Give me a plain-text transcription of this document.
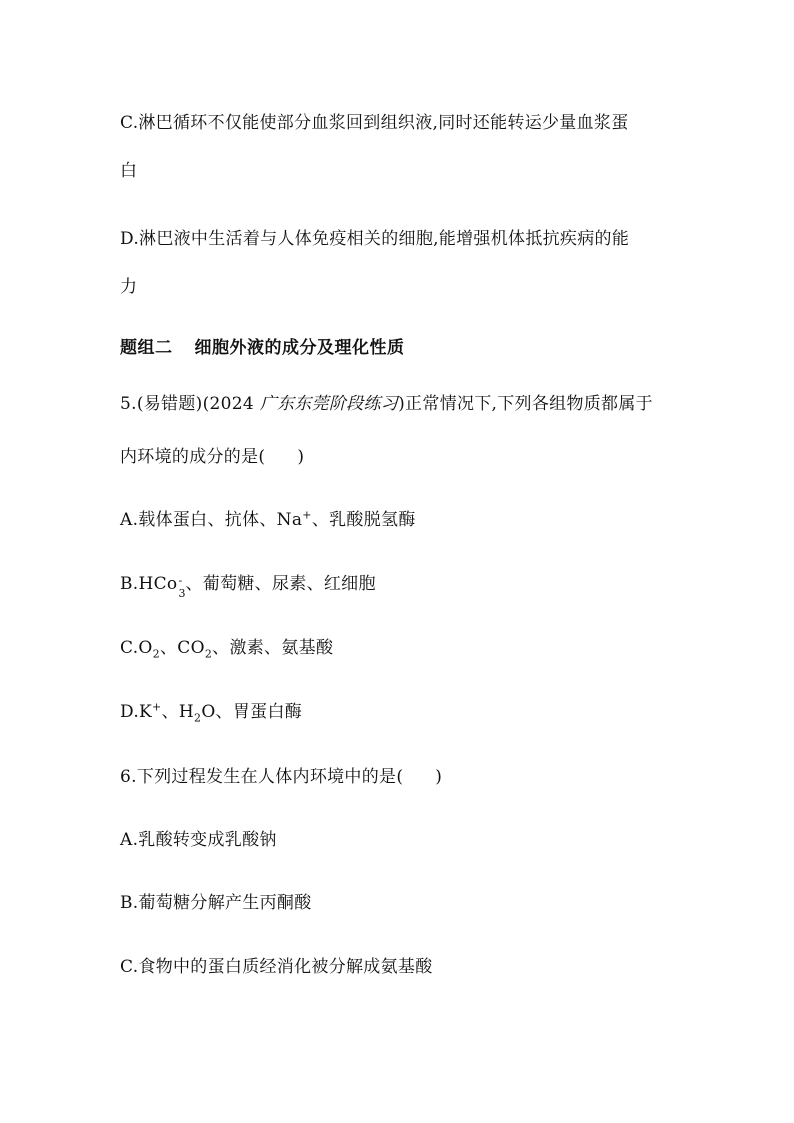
C.淋巴循环不仅能使部分血浆回到组织液,同时还能转运少量血浆蛋
白
D.淋巴液中生活着与人体免疫相关的细胞,能增强机体抵抗疾病的能
力
题组二 细胞外液的成分及理化性质
5.(易错题)(2024 广东东莞阶段练习)正常情况下,下列各组物质都属于
内环境的成分的是( )
A.载体蛋白、抗体、Na+、乳酸脱氢酶
B.HCo -
3 、葡萄糖、尿素、红细胞
$C.O_2$、$CO_2$、激素、氨基酸
D.K+、$H_2O$、胃蛋白酶
6.下列过程发生在人体内环境中的是( )
A.乳酸转变成乳酸钠
B.葡萄糖分解产生丙酮酸
C.食物中的蛋白质经消化被分解成氨基酸
